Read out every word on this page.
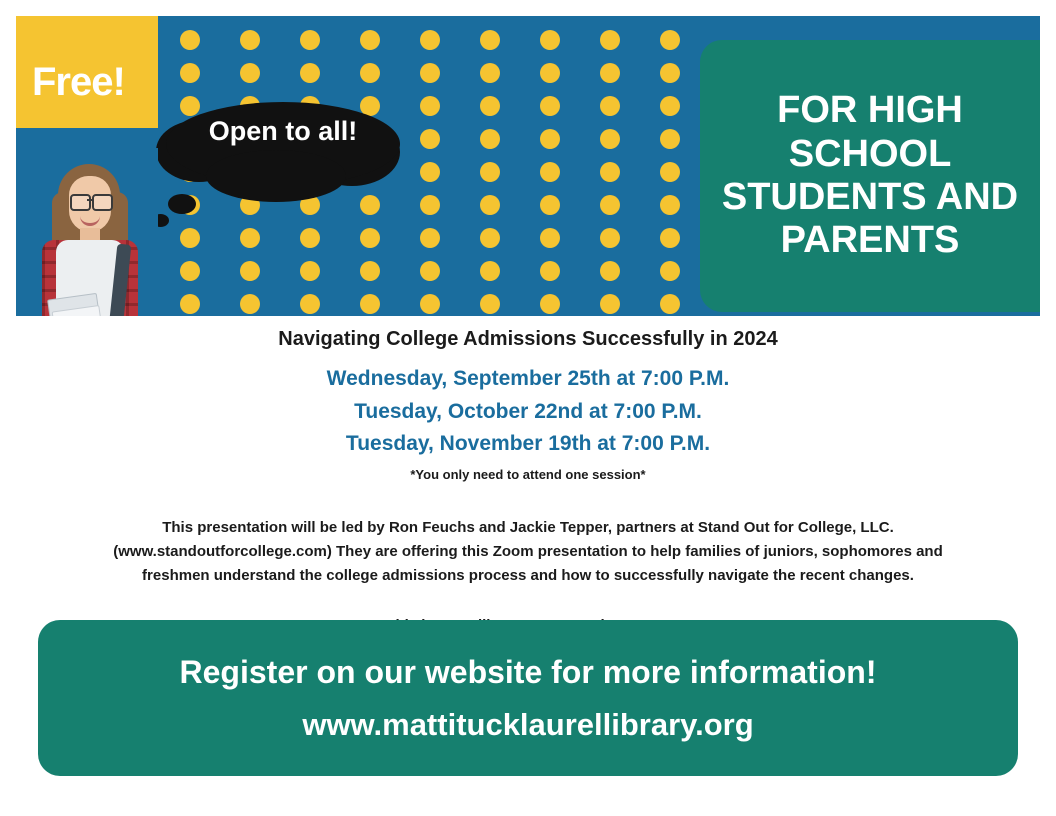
Free!
Open to all!	FOR HIGH SCHOOL STUDENTS AND PARENTS
Navigating College Admissions Successfully in 2024
Wednesday, September 25th at 7:00 P.M.
Tuesday, October 22nd at 7:00 P.M.
Tuesday, November 19th at 7:00 P.M.
*You only need to attend one session*
This presentation will be led by Ron Feuchs and Jackie Tepper, partners at Stand Out for College, LLC. (www.standoutforcollege.com) They are offering this Zoom presentation to help families of juniors, sophomores and freshmen understand the college admissions process and how to successfully navigate the recent changes.
Register on our website for more information!
www.mattitucklaurellibrary.org
